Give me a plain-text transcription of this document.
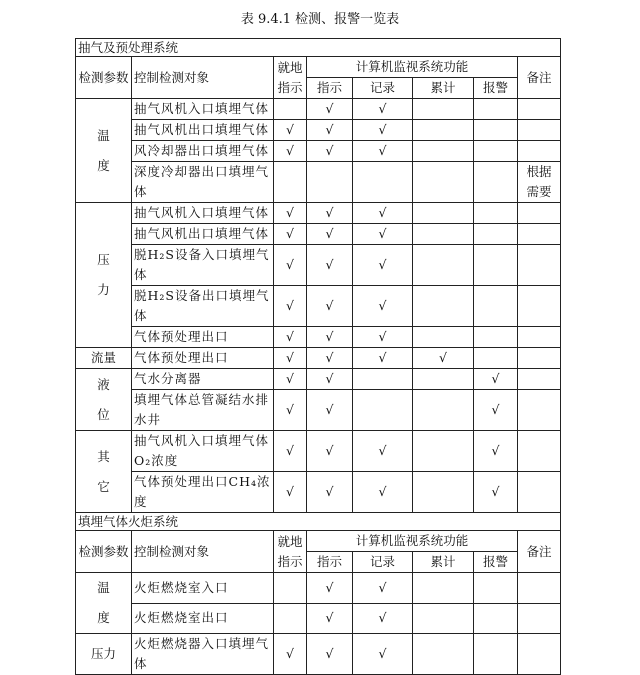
表 9.4.1 检测、报警一览表
抽气及预处理系统							
检测参数	控制检测对象	就地指示	计算机监视系统功能				备注
			指示	记录	累计	报警	
温度	抽气风机入口填埋气体		√	√			
	抽气风机出口填埋气体	√	√	√			
	风冷却器出口填埋气体	√	√	√			
	深度冷却器出口填埋气体						根据需要
压力	抽气风机入口填埋气体	√	√	√			
	抽气风机出口填埋气体	√	√	√			
	脱H₂S设备入口填埋气体	√	√	√			
	脱H₂S设备出口填埋气体	√	√	√			
	气体预处理出口	√	√	√			
流量	气体预处理出口	√	√	√	√		
液位	气水分离器	√	√			√	
	填埋气体总管凝结水排水井	√	√			√	
其它	抽气风机入口填埋气体O₂浓度	√	√	√		√	
	气体预处理出口CH₄浓度	√	√	√		√	
填埋气体火炬系统							
检测参数	控制检测对象	就地指示	计算机监视系统功能				备注
			指示	记录	累计	报警	
温度	火炬燃烧室入口		√	√			
	火炬燃烧室出口		√	√			
压力	火炬燃烧器入口填埋气体	√	√	√			
